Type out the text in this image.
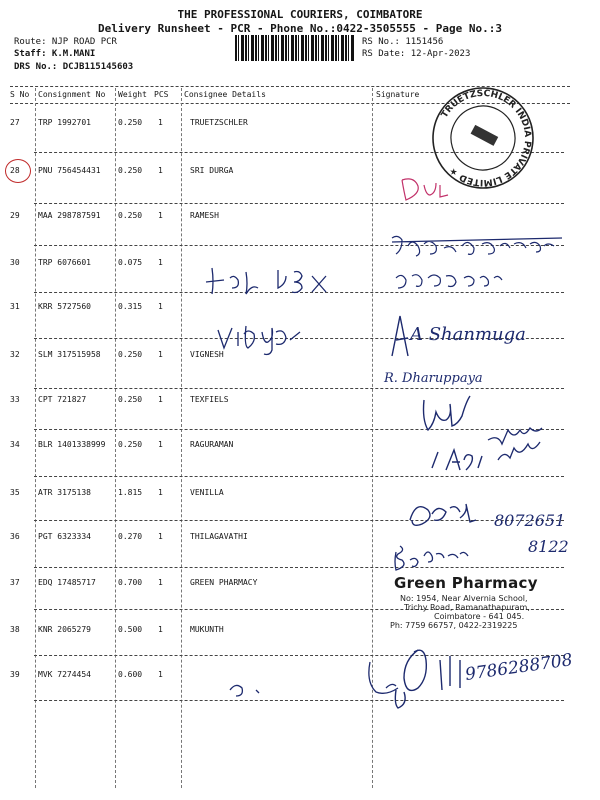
THE PROFESSIONAL COURIERS, COIMBATORE
Delivery Runsheet - PCR - Phone No.:0422-3505555 - Page No.:3
Route: NJP ROAD PCR
Staff: K.M.MANI
DRS No.: DCJB115145603
RS No.: 1151456
RS Date: 12-Apr-2023
S No Consignment No Weight PCS Consignee Details	Signature
27 TRP 1992701	0.250 1	TRUETZSCHLER
28 PNU 756454431 0.250 1	SRI DURGA
29 MAA 298787591 0.250 1	RAMESH
30 TRP 6076601	0.075 1
31 KRR 5727560	0.315 1
32 SLM 317515958 0.250 1	VIGNESH
33 CPT 721827	0.250 1	TEXFIELS
34 BLR 1401338999 0.250 1	RAGURAMAN
35 ATR 3175138	1.815 1	VENILLA
36 PGT 6323334	0.270 1	THILAGAVATHI
37 EDQ 17485717	0.700 1	GREEN PHARMACY
38 KNR 2065279	0.500 1	MUKUNTH
39 MVK 7274454	0.600 1
TRUETZSCHLER INDIA PRIVATE LIMITED ★
A Shanmuga
R. Dharuppaya
8072651
8122
9786288708
Green Pharmacy
No: 1954, Near Alvernia School,
Trichy Road, Ramanathapuram,
Coimbatore - 641 045.
Ph: 7759 66757, 0422-2319225
